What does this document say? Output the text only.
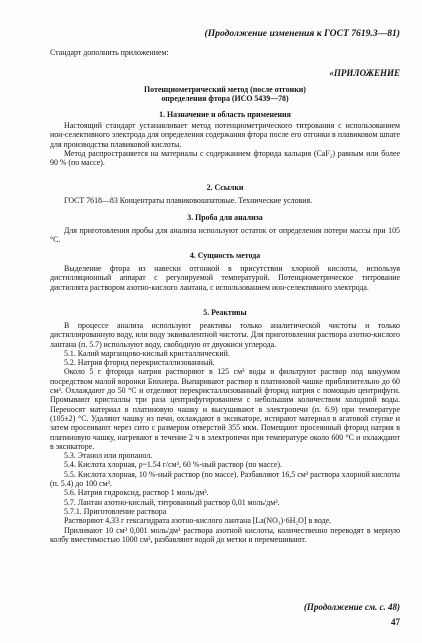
(Продолжение изменения к ГОСТ 7619.3—81)
Стандарт дополнить приложением:
«ПРИЛОЖЕНИЕ
Потенциометрический метод (после отгонки)
определения фтора (ИСО 5439—78)
1. Назначение и область применения

Настоящий стандарт устанавливает метод потенциометрического титрования с использованием ион-селективного электрода для определения содержания фтора после его отгонки в плавиковом шпате для производства плавиковой кислоты.

Метод распространяется на материалы с содержанием фторида кальция (CaF₂) равным или более 90 % (по массе).

2. Ссылки

ГОСТ 7618—83 Концентраты плавиковошпатовые. Технические условия.

3. Проба для анализа

Для приготовления пробы для анализа используют остаток от определения потери массы при 105 °С.

4. Сущность метода

Выделение фтора из навески отгонкой в присутствии хлорной кислоты, используя дистилляционный аппарат с регулируемой температурой. Потенциометрическое титрование дистиллята раствором азотно-кислого лантана, с использованием ион-селективного электрода.

5. Реактивы

В процессе анализа используют реактивы только аналитической чистоты и только дистиллированную воду, или воду эквивалентной чистоты. Для приготовления раствора азотно-кислого лантана (п. 5.7) используют воду, свободную от двуокиси углерода.

5.1. Калий марганцово-кислый кристаллический.

5.2. Натрия фторид перекристаллизованный.

Около 5 г фторида натрия растворяют в 125 см³ воды и фильтруют раствор под вакуумом посредством малой воронки Бюхнера. Выпаривают раствор в платиновой чашке приблизительно до 60 см³. Охлаждают до 50 °С и отделяют перекристаллизованный фторид натрия с помощью центрифуги. Промывают кристаллы три раза центрифугированием с небольшим количеством холодной воды. Переносят материал в платиновую чашку и высушивают в электропечи (п. 6.9) при температуре (105±2) °С. Удаляют чашку из печи, охлаждают в эксикаторе, истирают материал в агатовой ступке и затем просеивают через сито с размером отверстий 355 мкм. Помещают просеянный фторид натрия в платиновую чашку, нагревают в течение 2 ч в электропечи при температуре около 600 °С и охлаждают в эксикаторе.

5.3. Этанол или пропанол.

5.4. Кислота хлорная, ρ~1.54 г/см³, 60 %-ный раствор (по массе).

5.5. Кислота хлорная, 10 %-ный раствор (по массе). Разбавляют 16,5 см³ раствора хлорной кислоты (п. 5.4) до 100 см³.

5.6. Натрия гидроксид, раствор 1 моль/дм³.

5.7. Лантан азотно-кислый, титрованный раствор 0,01 моль/дм³.

5.7.1. Приготовление раствора

Растворяют 4,33 г гексагидрата азотно-кислого лантана [La(NO₃)·6H₂O] в воде.

Приливают 10 см³ 0,001 моль/дм³ раствора азотной кислоты, количественно переводят в мерную колбу вместимостью 1000 см³, разбавляют водой до метки и перемешивают.

(Продолжение см. с. 48)
47
